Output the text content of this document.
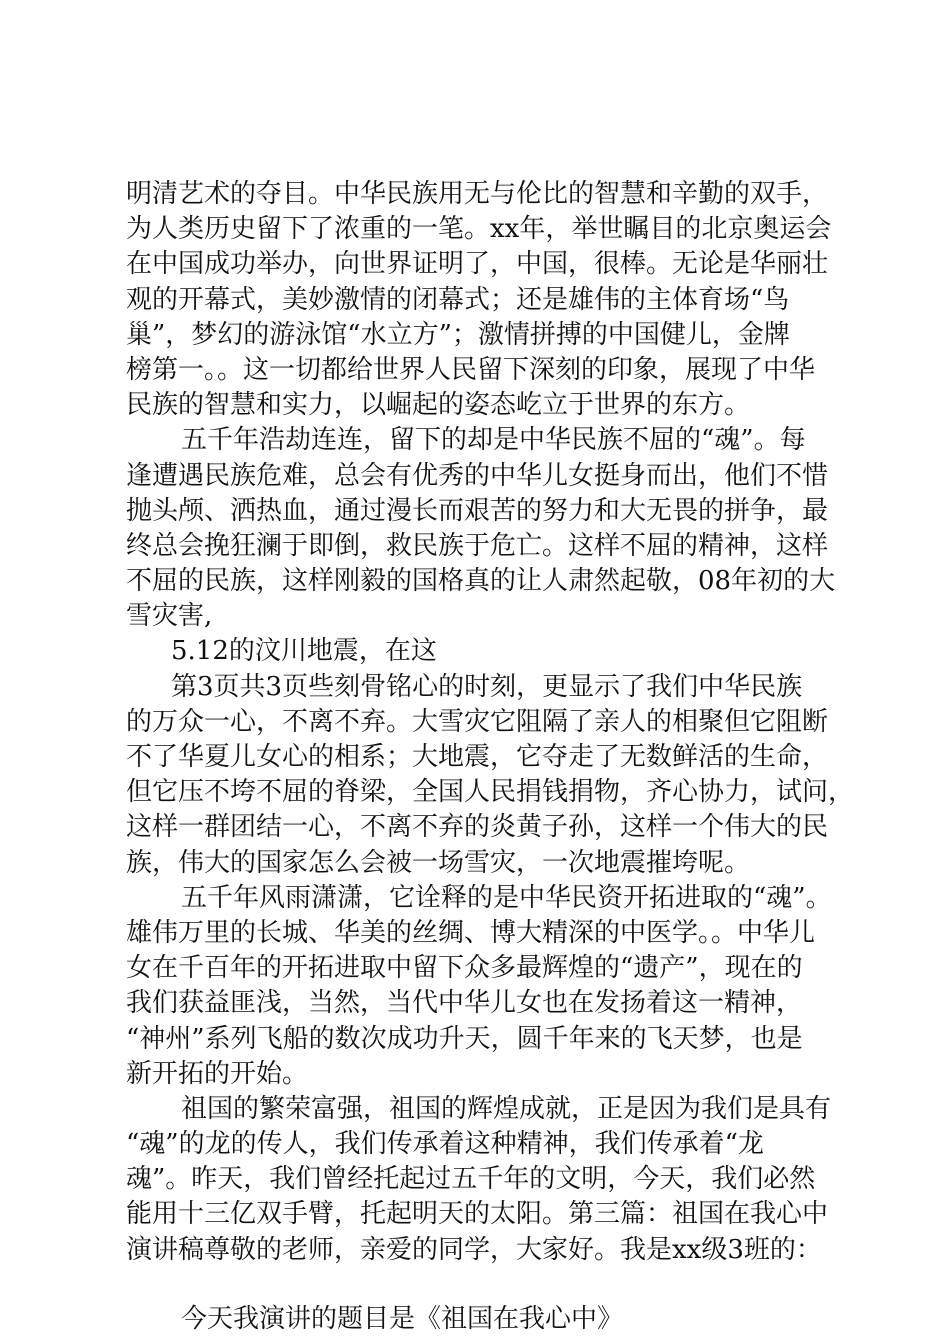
明清艺术的夺目。中华民族用无与伦比的智慧和辛勤的双手，
为人类历史留下了浓重的一笔。xx年，举世瞩目的北京奥运会
在中国成功举办，向世界证明了，中国，很棒。无论是华丽壮
观的开幕式，美妙激情的闭幕式；还是雄伟的主体育场“鸟
巢”，梦幻的游泳馆“水立方”；激情拼搏的中国健儿，金牌
榜第一。。这一切都给世界人民留下深刻的印象，展现了中华
民族的智慧和实力，以崛起的姿态屹立于世界的东方。
五千年浩劫连连，留下的却是中华民族不屈的“魂”。每
逢遭遇民族危难，总会有优秀的中华儿女挺身而出，他们不惜
抛头颅、洒热血，通过漫长而艰苦的努力和大无畏的拼争，最
终总会挽狂澜于即倒，救民族于危亡。这样不屈的精神，这样
不屈的民族，这样刚毅的国格真的让人肃然起敬，08年初的大
雪灾害,
5.12的汶川地震，在这
第3页共3页些刻骨铭心的时刻，更显示了我们中华民族
的万众一心，不离不弃。大雪灾它阻隔了亲人的相聚但它阻断
不了华夏儿女心的相系；大地震，它夺走了无数鲜活的生命，
但它压不垮不屈的脊梁，全国人民捐钱捐物，齐心协力，试问，
这样一群团结一心，不离不弃的炎黄子孙，这样一个伟大的民
族，伟大的国家怎么会被一场雪灾，一次地震摧垮呢。
五千年风雨潇潇，它诠释的是中华民资开拓进取的“魂”。
雄伟万里的长城、华美的丝绸、博大精深的中医学。。中华儿
女在千百年的开拓进取中留下众多最辉煌的“遗产”，现在的
我们获益匪浅，当然，当代中华儿女也在发扬着这一精神，
“神州”系列飞船的数次成功升天，圆千年来的飞天梦，也是
新开拓的开始。
祖国的繁荣富强，祖国的辉煌成就，正是因为我们是具有
“魂”的龙的传人，我们传承着这种精神，我们传承着“龙
魂”。昨天，我们曾经托起过五千年的文明，今天，我们必然
能用十三亿双手臂，托起明天的太阳。第三篇：祖国在我心中
演讲稿尊敬的老师，亲爱的同学，大家好。我是xx级3班的：
今天我演讲的题目是《祖国在我心中》
